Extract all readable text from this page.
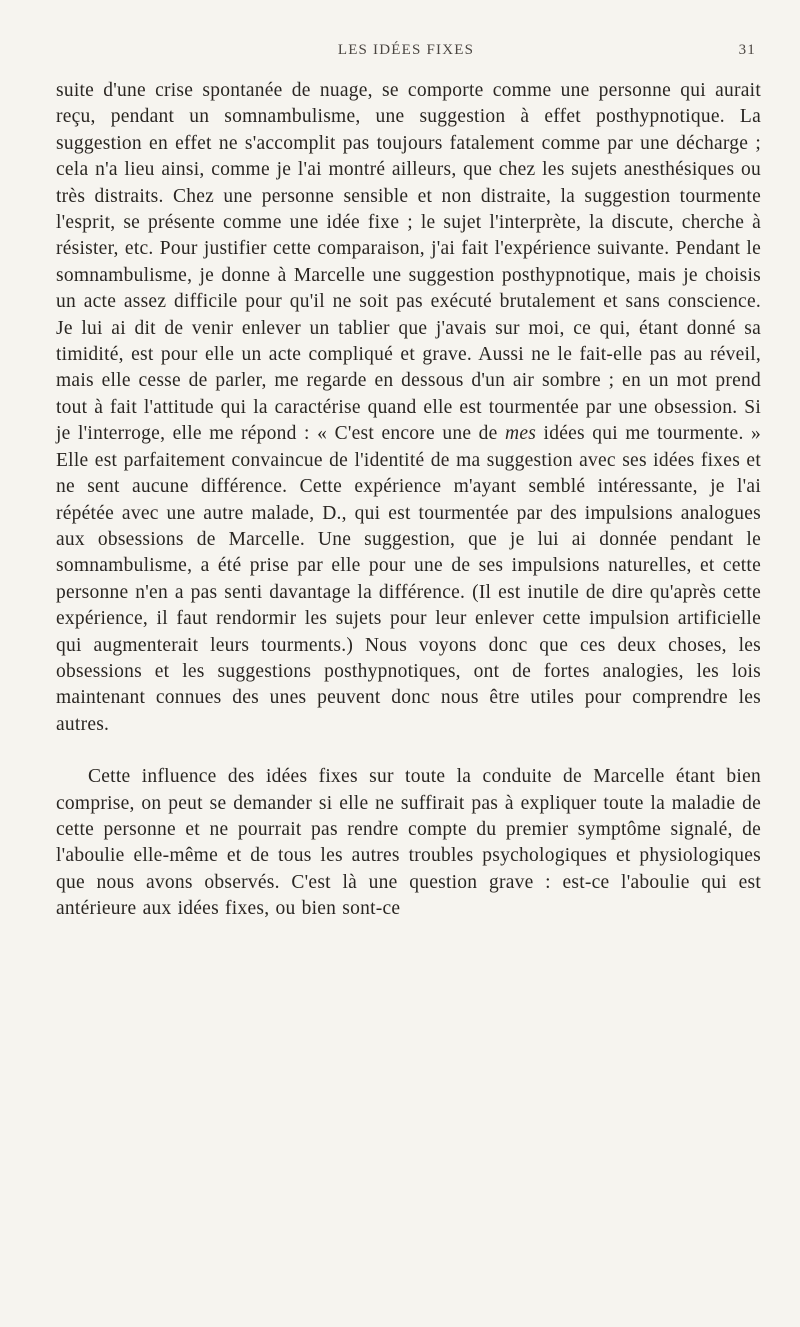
LES IDÉES FIXES	31

suite d'une crise spontanée de nuage, se comporte comme une personne qui aurait reçu, pendant un somnambulisme, une suggestion à effet posthypnotique. La suggestion en effet ne s'accomplit pas toujours fatalement comme par une décharge ; cela n'a lieu ainsi, comme je l'ai montré ailleurs, que chez les sujets anesthésiques ou très distraits. Chez une personne sensible et non distraite, la suggestion tourmente l'esprit, se présente comme une idée fixe ; le sujet l'interprète, la discute, cherche à résister, etc. Pour justifier cette comparaison, j'ai fait l'expérience suivante. Pendant le somnambulisme, je donne à Marcelle une suggestion posthypnotique, mais je choisis un acte assez difficile pour qu'il ne soit pas exécuté brutalement et sans conscience. Je lui ai dit de venir enlever un tablier que j'avais sur moi, ce qui, étant donné sa timidité, est pour elle un acte compliqué et grave. Aussi ne le fait-elle pas au réveil, mais elle cesse de parler, me regarde en dessous d'un air sombre ; en un mot prend tout à fait l'attitude qui la caractérise quand elle est tourmentée par une obsession. Si je l'interroge, elle me répond : « C'est encore une de mes idées qui me tourmente. » Elle est parfaitement convaincue de l'identité de ma suggestion avec ses idées fixes et ne sent aucune différence. Cette expérience m'ayant semblé intéressante, je l'ai répétée avec une autre malade, D., qui est tourmentée par des impulsions analogues aux obsessions de Marcelle. Une suggestion, que je lui ai donnée pendant le somnambulisme, a été prise par elle pour une de ses impulsions naturelles, et cette personne n'en a pas senti davantage la différence. (Il est inutile de dire qu'après cette expérience, il faut rendormir les sujets pour leur enlever cette impulsion artificielle qui augmenterait leurs tourments.) Nous voyons donc que ces deux choses, les obsessions et les suggestions posthypnotiques, ont de fortes analogies, les lois maintenant connues des unes peuvent donc nous être utiles pour comprendre les autres.

Cette influence des idées fixes sur toute la conduite de Marcelle étant bien comprise, on peut se demander si elle ne suffirait pas à expliquer toute la maladie de cette personne et ne pourrait pas rendre compte du premier symptôme signalé, de l'aboulie elle-même et de tous les autres troubles psychologiques et physiologiques que nous avons observés. C'est là une question grave : est-ce l'aboulie qui est antérieure aux idées fixes, ou bien sont-ce
